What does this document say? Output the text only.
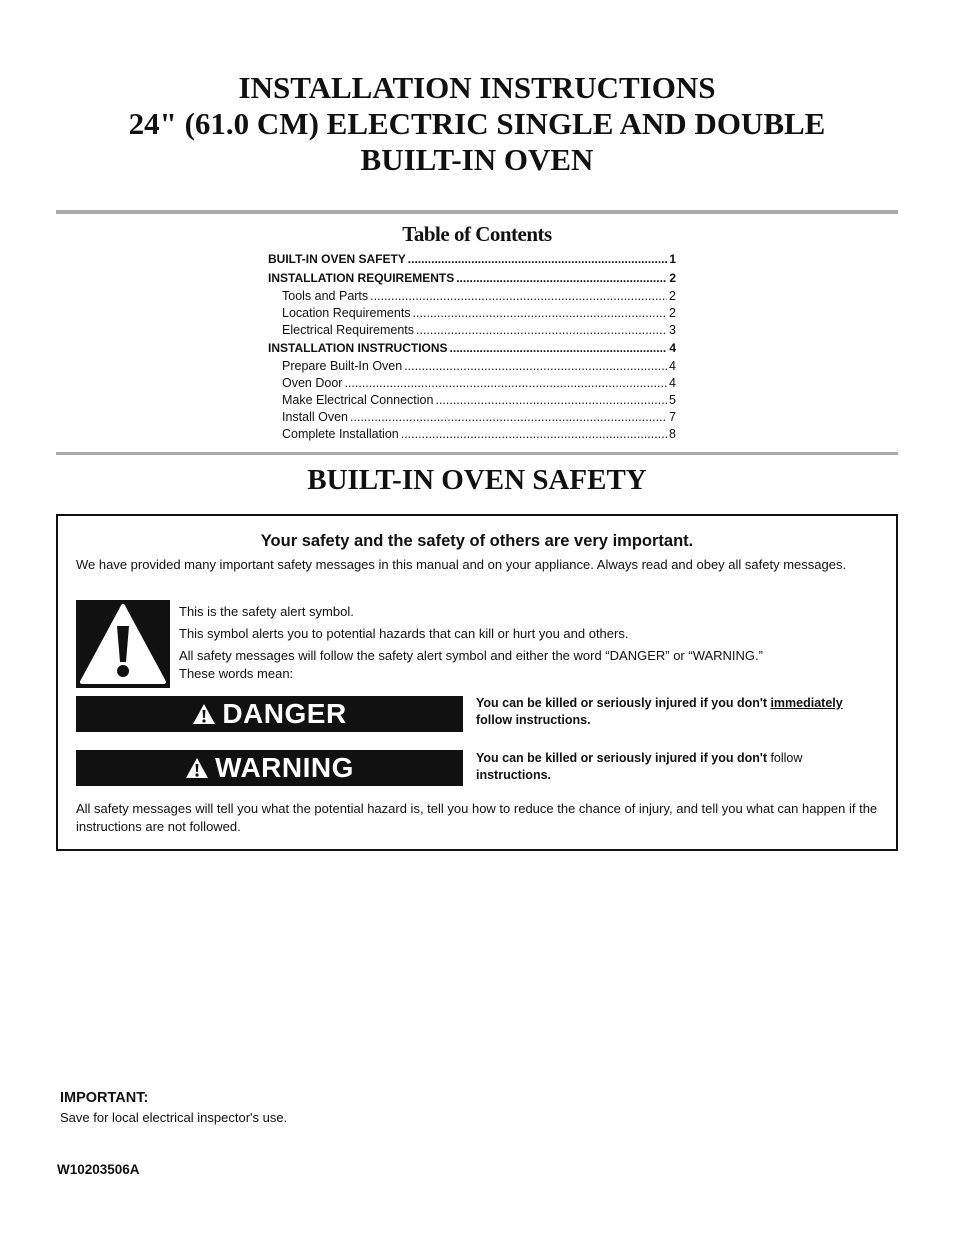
INSTALLATION INSTRUCTIONS
24" (61.0 CM) ELECTRIC SINGLE AND DOUBLE
BUILT-IN OVEN
Table of Contents
BUILT-IN OVEN SAFETY .....	1
INSTALLATION REQUIREMENTS .....	2
Tools and Parts .....	2
Location Requirements .....	2
Electrical Requirements .....	3
INSTALLATION INSTRUCTIONS .....	4
Prepare Built-In Oven .....	4
Oven Door .....	4
Make Electrical Connection .....	5
Install Oven .....	7
Complete Installation .....	8
BUILT-IN OVEN SAFETY
Your safety and the safety of others are very important.
We have provided many important safety messages in this manual and on your appliance. Always read and obey all safety messages.
This is the safety alert symbol.
This symbol alerts you to potential hazards that can kill or hurt you and others.
All safety messages will follow the safety alert symbol and either the word “DANGER” or “WARNING.”
These words mean:
DANGER	You can be killed or seriously injured if you don't immediately
follow instructions.
WARNING	You can be killed or seriously injured if you don't follow
instructions.
All safety messages will tell you what the potential hazard is, tell you how to reduce the chance of injury, and tell you what can happen if the instructions are not followed.
IMPORTANT:
Save for local electrical inspector's use.
W10203506A
